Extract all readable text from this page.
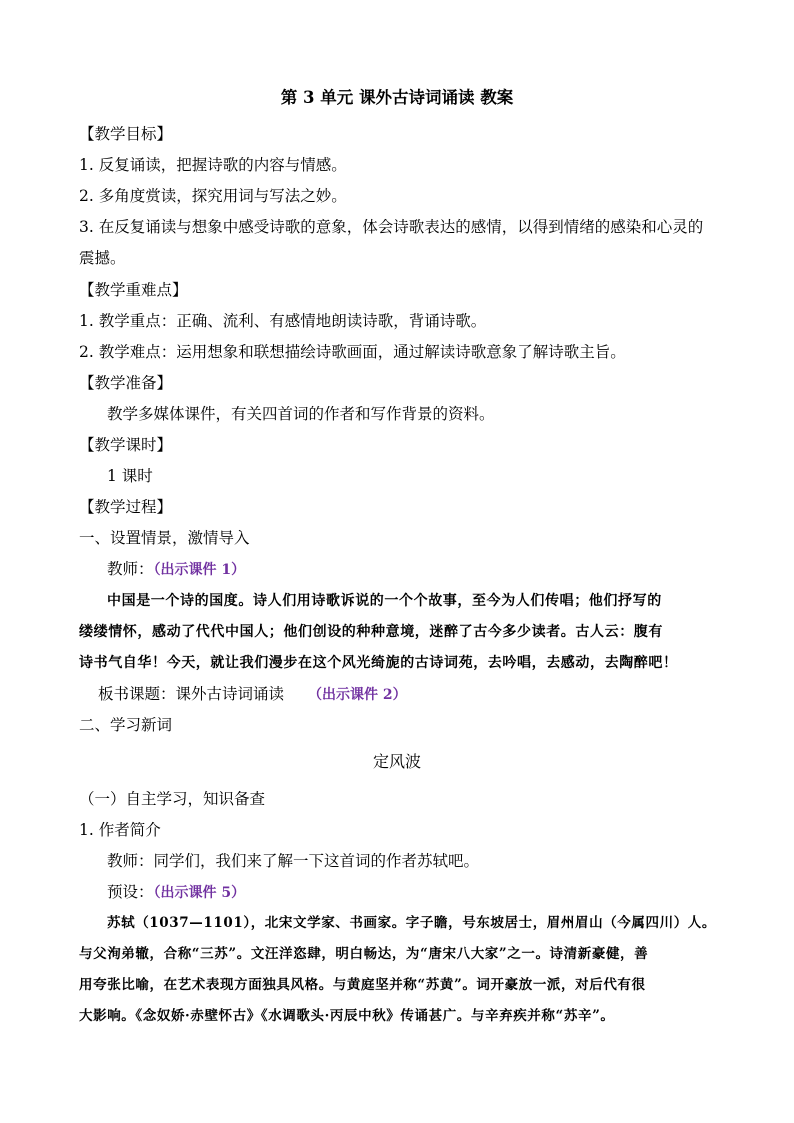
第 3 单元 课外古诗词诵读 教案
【教学目标】
1. 反复诵读，把握诗歌的内容与情感。
2. 多角度赏读，探究用词与写法之妙。
3. 在反复诵读与想象中感受诗歌的意象，体会诗歌表达的感情，以得到情绪的感染和心灵的
震撼。
【教学重难点】
1. 教学重点：正确、流利、有感情地朗读诗歌，背诵诗歌。
2. 教学难点：运用想象和联想描绘诗歌画面，通过解读诗歌意象了解诗歌主旨。
【教学准备】
教学多媒体课件，有关四首词的作者和写作背景的资料。
【教学课时】
1 课时
【教学过程】
一、设置情景，激情导入
教师：（出示课件 1）
中国是一个诗的国度。诗人们用诗歌诉说的一个个故事，至今为人们传唱；他们抒写的
缕缕情怀，感动了代代中国人；他们创设的种种意境，迷醉了古今多少读者。古人云：腹有
诗书气自华！今天，就让我们漫步在这个风光绮旎的古诗词苑，去吟唱，去感动，去陶醉吧！
板书课题：课外古诗词诵读 （出示课件 2）
二、学习新词
定风波
（一）自主学习，知识备查
1. 作者简介
教师：同学们，我们来了解一下这首词的作者苏轼吧。
预设：（出示课件 5）
苏轼（1037—1101），北宋文学家、书画家。字子瞻，号东坡居士，眉州眉山（今属四川）人。
与父洵弟辙，合称“三苏”。文汪洋恣肆，明白畅达，为“唐宋八大家”之一。诗清新豪健，善
用夸张比喻，在艺术表现方面独具风格。与黄庭坚并称“苏黄”。词开豪放一派，对后代有很
大影响。《念奴娇·赤壁怀古》《水调歌头·丙辰中秋》传诵甚广。与辛弃疾并称“苏辛”。
